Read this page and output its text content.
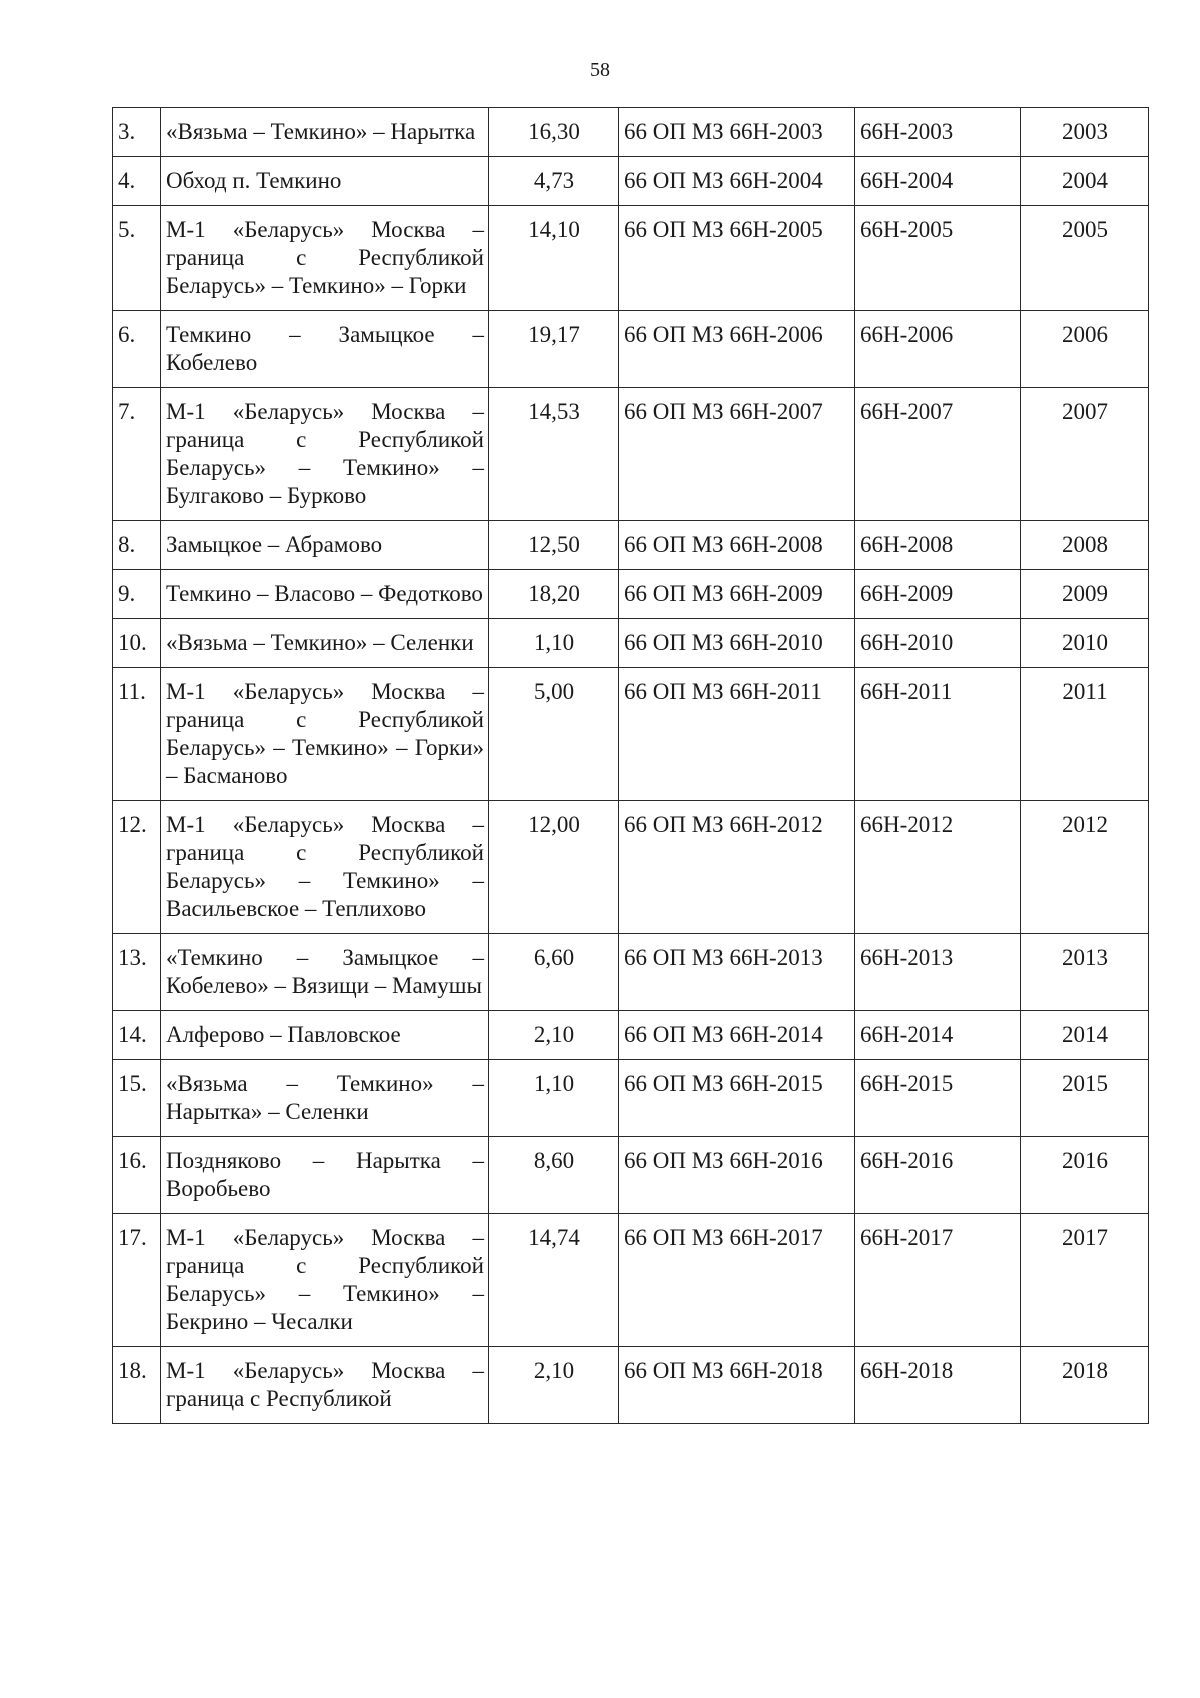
58
3.	«Вязьма – Темкино» – Нарытка	16,30	66 ОП МЗ 66Н-2003	66Н-2003	2003
4.	Обход п. Темкино	4,73	66 ОП МЗ 66Н-2004	66Н-2004	2004
5.	М-1 «Беларусь» Москва – граница с Республикой Беларусь» – Темкино» – Горки	14,10	66 ОП МЗ 66Н-2005	66Н-2005	2005
6.	Темкино – Замыцкое – Кобелево	19,17	66 ОП МЗ 66Н-2006	66Н-2006	2006
7.	М-1 «Беларусь» Москва – граница с Республикой Беларусь» – Темкино» – Булгаково – Бурково	14,53	66 ОП МЗ 66Н-2007	66Н-2007	2007
8.	Замыцкое – Абрамово	12,50	66 ОП МЗ 66Н-2008	66Н-2008	2008
9.	Темкино – Власово – Федотково	18,20	66 ОП МЗ 66Н-2009	66Н-2009	2009
10.	«Вязьма – Темкино» – Селенки	1,10	66 ОП МЗ 66Н-2010	66Н-2010	2010
11.	М-1 «Беларусь» Москва – граница с Республикой Беларусь» – Темкино» – Горки» – Басманово	5,00	66 ОП МЗ 66Н-2011	66Н-2011	2011
12.	М-1 «Беларусь» Москва – граница с Республикой Беларусь» – Темкино» – Васильевское – Теплихово	12,00	66 ОП МЗ 66Н-2012	66Н-2012	2012
13.	«Темкино – Замыцкое – Кобелево» – Вязищи – Мамушы	6,60	66 ОП МЗ 66Н-2013	66Н-2013	2013
14.	Алферово – Павловское	2,10	66 ОП МЗ 66Н-2014	66Н-2014	2014
15.	«Вязьма – Темкино» – Нарытка» – Селенки	1,10	66 ОП МЗ 66Н-2015	66Н-2015	2015
16.	Поздняково – Нарытка – Воробьево	8,60	66 ОП МЗ 66Н-2016	66Н-2016	2016
17.	М-1 «Беларусь» Москва – граница с Республикой Беларусь» – Темкино» – Бекрино – Чесалки	14,74	66 ОП МЗ 66Н-2017	66Н-2017	2017
18.	М-1 «Беларусь» Москва – граница с Республикой	2,10	66 ОП МЗ 66Н-2018	66Н-2018	2018
